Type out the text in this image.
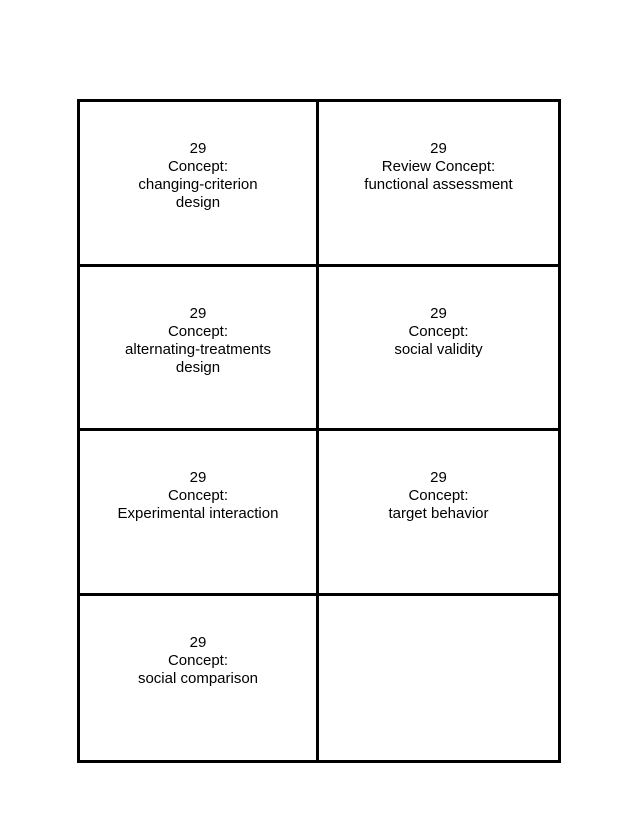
29
Concept:
changing-criterion
design
29
Review Concept:
functional assessment
29
Concept:
alternating-treatments
design
29
Concept:
social validity
29
Concept:
Experimental interaction
29
Concept:
target behavior
29
Concept:
social comparison
